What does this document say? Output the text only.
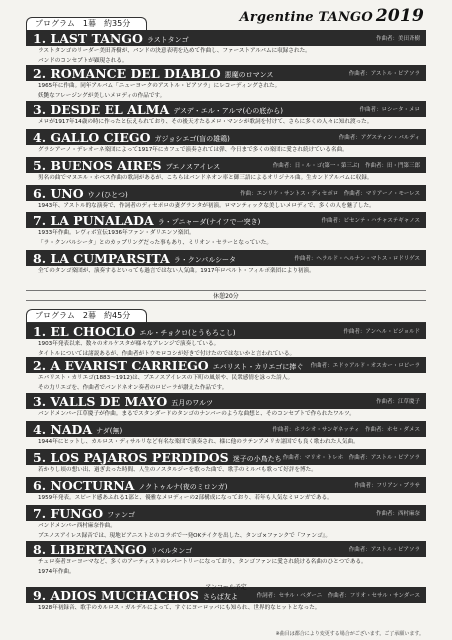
プログラム 1幕 約35分	Argentine TANGO 2019
1. LAST TANGO ラストタンゴ	作曲者：美田斉樹
ラストタンゴのリーダー美田斉樹が、バンドの決意表明を込めて作曲し、ファーストアルバムに収録された。
バンドのコンセプトが顕現される。
2. ROMANCE DEL DIABLO 悪魔のロマンス	作曲者：アストル・ピアソラ
1965年に作曲。同年アルバム「ニューヨークのアストル・ピアソラ」にレコーディングされた。
妖艶なフレージングが美しいメロディの作品です。
3. DESDE EL ALMA デスデ・エル・アルマ(心の底から)	作曲者：ロシータ・メロ
メロが1917年14歳の時に作ったと伝えられており、その後天才たるメロ・マンシが歌詞を付けて、さらに多くの人々に知れ渡った。
4. GALLO CIEGO ガジョシエゴ(盲の雄鶏)	作曲者：アグスティン・バルディ
グラシアーノ・デレオーネ楽団によって1917年にカフェで演奏されては弾、今日まで多くの楽団に愛され続けている名曲。
5. BUENOS AIRES ブエノスアイレス	作曲者：日・ル・ゴ(第一・第三ぶ)　作曲者：田・門第三郎
男名の曲でマヌエル・ホベス作曲の歌詞があるが、こちらはバンドネオン率と御三語によるオリジナル曲。生カンドアルバムに収録。
6. UNO ウノ(ひとつ)	作曲：エンリケ・サントス・ディセポロ　作曲者：マリアーノ・モーレス
1943年、アストル的な演奏で、作詞者のディセポロの妻グランタが初演。ロマンティックな美しいメロディで、多くの人を魅了した。
7. LA PUNALADA ラ・プニャーダ(ナイフで一突き)	作曲者：ビセンテ・ハチャステギャノス
1933年作曲。レヴィボ宣伝1936年ファン・ダリエンソ楽団。
「ラ・クンパルシータ」とのカップリングだった事もあり、ミリオン・セラーとなっていた。
8. LA CUMPARSITA ラ・クンパルシータ	作曲者：ヘラルド・ヘルナン・マトス・ロドリゲス
全てのタンゴ楽団が、演奏するといっても過言ではない人気曲。1917年ロベルト・フィルポ楽団により初演。
休憩20分
プログラム 2幕 約45分
1. EL CHOCLO エル・チョクロ(とうもろこし)	作曲者：アンヘル・ビジョルド
1903年発表以来、数々のオルケスタが様々なアレンジで演奏している。
タイトルについては諸説あるが、作曲者がトウモロコシが好きで付けたのではないかと言われている。
2. A EVARIST CARRIEGO エバリスト・カリエゴに捧ぐ 作曲者：エドゥアルド・オスカー・ロビーラ
エバリスト・カリエゴ(1883～1912)は、ブエノスアイレスの下町の風景や、民衆感情を詠った詩人。
その力リエゴを、作曲者でバンドネオン奏者のロビーラが讃えた作品です。
3. VALLS DE MAYO 五月のワルツ	作曲者：江草慶子
バンドメンバー江草慶子が作曲。まるでスタンダードのタンゴのナンバーのような曲想と、そのコンセプトで作られたワルツ。
4. NADA ナダ(無)	作曲者：ホラシオ・サンギネッティ　作曲者：ホセ・ダメス
1944年にヒットし、カルロス・ディサルリなど有名な楽団で演奏され、様に他のラテンアメリカ諸国でも良く歌われた人気曲。
5. LOS PAJAROS PERDIDOS 迷子の小鳥たち 作曲者：マリオ・トレホ　作曲者：アストル・ピアソラ
若かりし頃の想い出、過ぎ去った時間、人生のノスタルジーを歌った曲で、歌手のミルバも歌って好評を博た。
6. NOCTURNA ノクトゥルナ(夜のミロンガ)	作曲者：フリアン・プラサ
1959年発表。スピード感あふれる1部と、優雅なメロディーの2部構成になっており、若年も人気なミロンガである。
7. FUNGO ファンゴ	作曲者：西村麻奈
バンドメンバー西村麻奈作曲。
ブエノスアイレス録音では、現地ピアニストとのコラボで一発OKテイクを出した、タンゴ×ファンクで『ファンゴ』。
8. LIBERTANGO リベルタンゴ	作曲者：アストル・ピアソラ
チェロ奏者ヨーヨーマなど、多くのアーティストのレパートリーになっており、タンゴファンに愛され続ける名曲のひとつである。
1974年作曲。
9. ADIOS MUCHACHOS さらば友よ	作詞者：セサル・ベダーニ　作曲者：フリオ・セサル・サンダース
1928年初録音、歌手のカルロス・ガルデルによって、すぐにヨーロッパにも知られ、世界的なヒットとなった。
アンコール予定
※曲目は都合により変更する場合がございます。ご了承願います。
